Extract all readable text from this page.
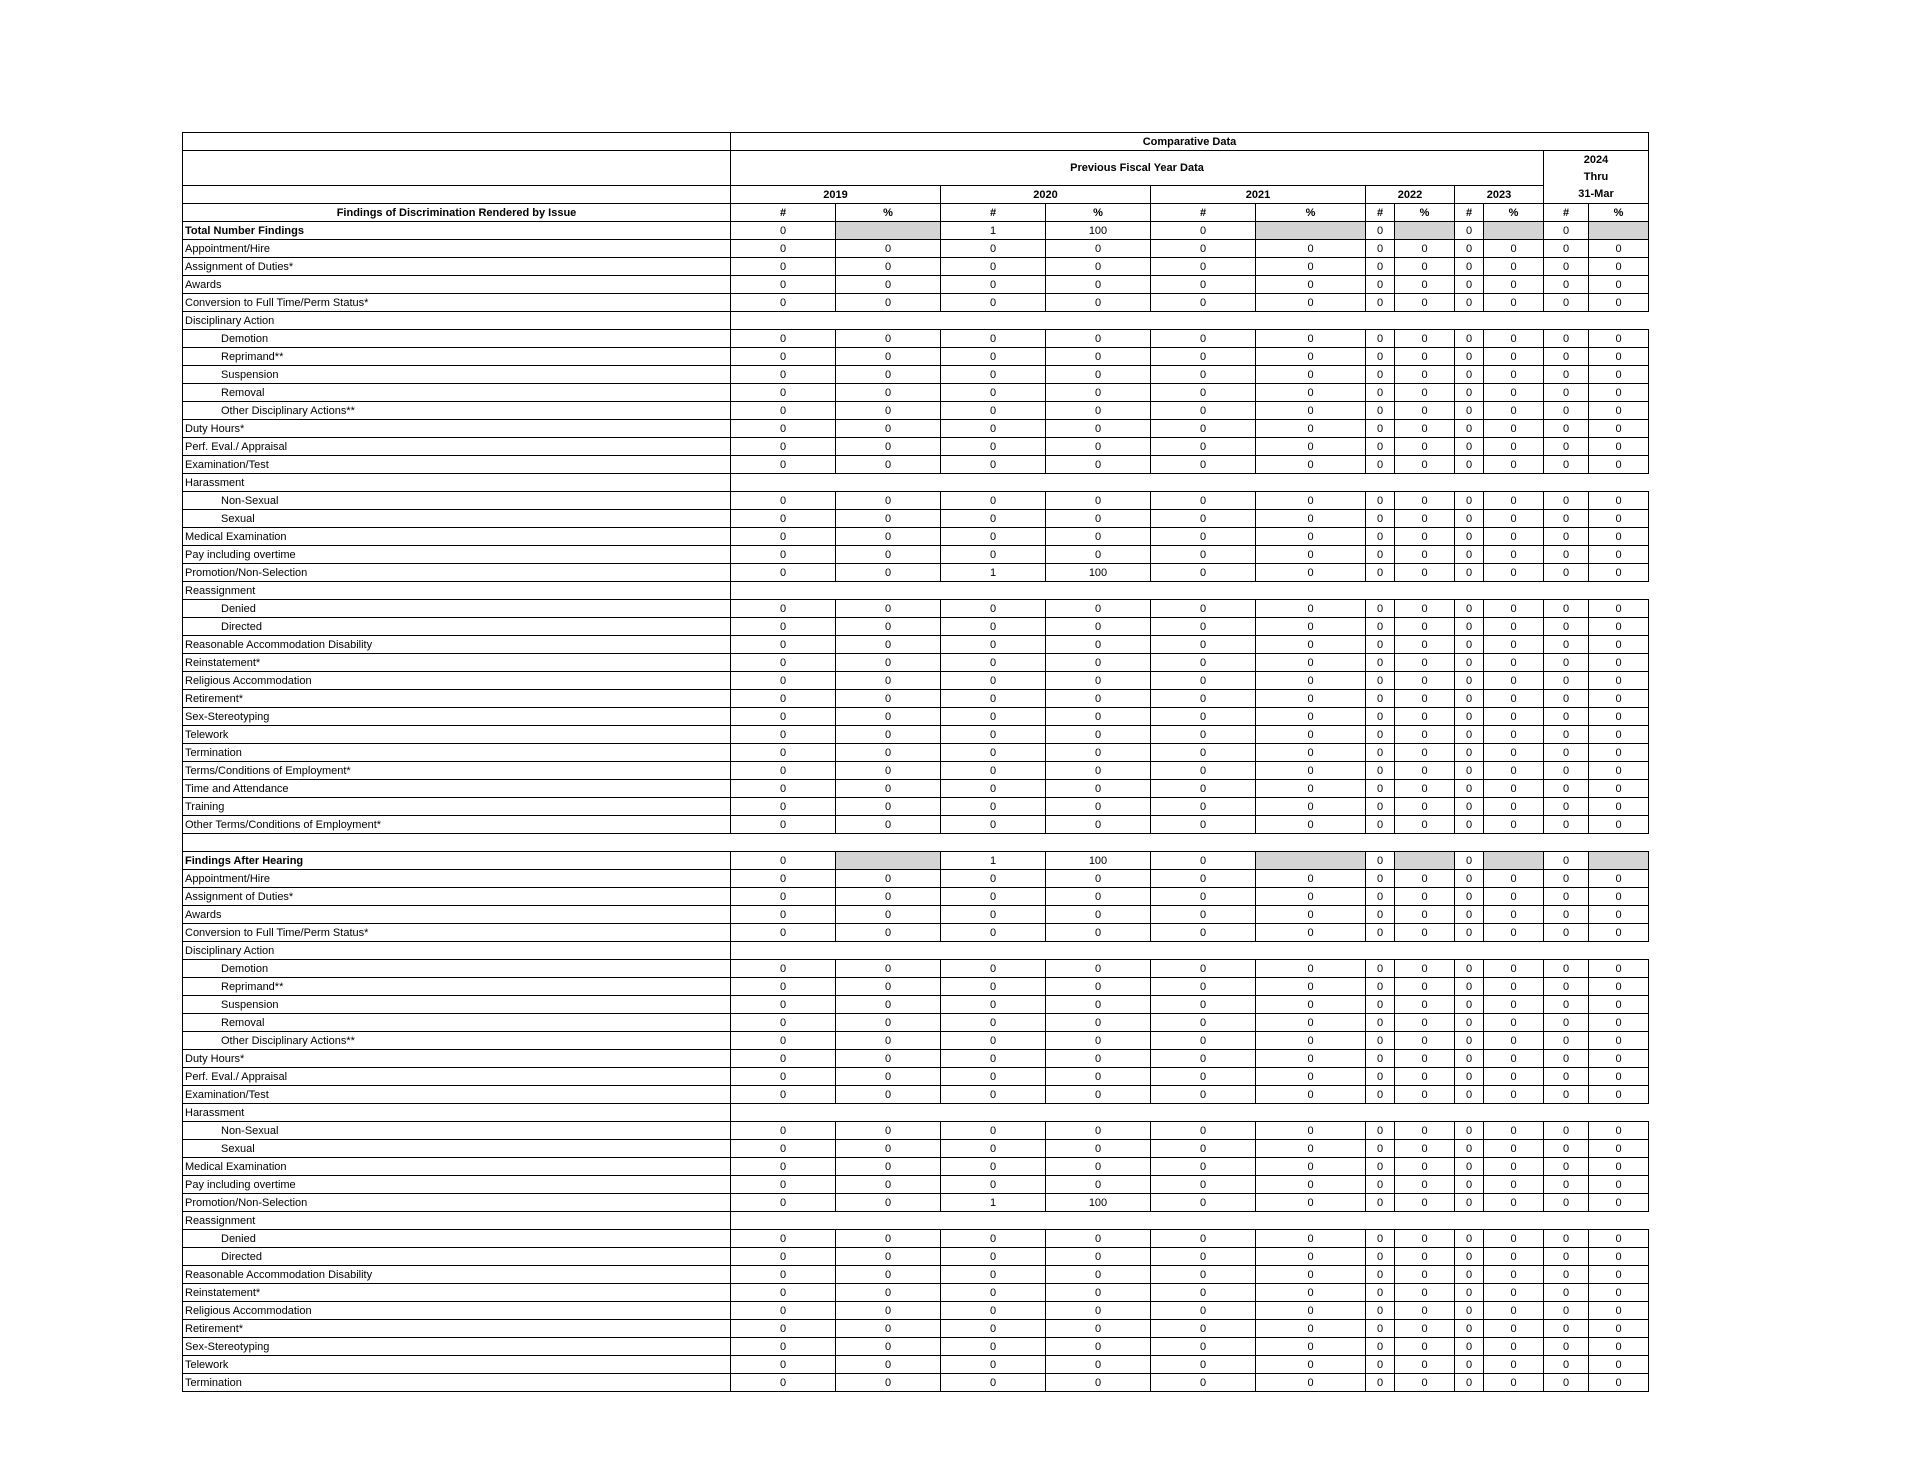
	Comparative Data											
	Previous Fiscal Year Data										2024
Thru
31-Mar	

	2019		2020		2021		2022		2023			
Findings of Discrimination Rendered by Issue	#	%	#	%	#	%	#	%	#	%	#	%
Total Number Findings	0		1	100	0		0		0		0	
Appointment/Hire	0	0	0	0	0	0	0	0	0	0	0	0
Assignment of Duties*	0	0	0	0	0	0	0	0	0	0	0	0
Awards	0	0	0	0	0	0	0	0	0	0	0	0
Conversion to Full Time/Perm Status*	0	0	0	0	0	0	0	0	0	0	0	0
Disciplinary Action												
Demotion	0	0	0	0	0	0	0	0	0	0	0	0
Reprimand**	0	0	0	0	0	0	0	0	0	0	0	0
Suspension	0	0	0	0	0	0	0	0	0	0	0	0
Removal	0	0	0	0	0	0	0	0	0	0	0	0
Other Disciplinary Actions**	0	0	0	0	0	0	0	0	0	0	0	0
Duty Hours*	0	0	0	0	0	0	0	0	0	0	0	0
Perf. Eval./ Appraisal	0	0	0	0	0	0	0	0	0	0	0	0
Examination/Test	0	0	0	0	0	0	0	0	0	0	0	0
Harassment												
Non-Sexual	0	0	0	0	0	0	0	0	0	0	0	0
Sexual	0	0	0	0	0	0	0	0	0	0	0	0
Medical Examination	0	0	0	0	0	0	0	0	0	0	0	0
Pay including overtime	0	0	0	0	0	0	0	0	0	0	0	0
Promotion/Non-Selection	0	0	1	100	0	0	0	0	0	0	0	0
Reassignment												
Denied	0	0	0	0	0	0	0	0	0	0	0	0
Directed	0	0	0	0	0	0	0	0	0	0	0	0
Reasonable Accommodation Disability	0	0	0	0	0	0	0	0	0	0	0	0
Reinstatement*	0	0	0	0	0	0	0	0	0	0	0	0
Religious Accommodation	0	0	0	0	0	0	0	0	0	0	0	0
Retirement*	0	0	0	0	0	0	0	0	0	0	0	0
Sex-Stereotyping	0	0	0	0	0	0	0	0	0	0	0	0
Telework	0	0	0	0	0	0	0	0	0	0	0	0
Termination	0	0	0	0	0	0	0	0	0	0	0	0
Terms/Conditions of Employment*	0	0	0	0	0	0	0	0	0	0	0	0
Time and Attendance	0	0	0	0	0	0	0	0	0	0	0	0
Training	0	0	0	0	0	0	0	0	0	0	0	0
Other Terms/Conditions of Employment*	0	0	0	0	0	0	0	0	0	0	0	0

Findings After Hearing	0		1	100	0		0		0		0	
Appointment/Hire	0	0	0	0	0	0	0	0	0	0	0	0
Assignment of Duties*	0	0	0	0	0	0	0	0	0	0	0	0
Awards	0	0	0	0	0	0	0	0	0	0	0	0
Conversion to Full Time/Perm Status*	0	0	0	0	0	0	0	0	0	0	0	0
Disciplinary Action												
Demotion	0	0	0	0	0	0	0	0	0	0	0	0
Reprimand**	0	0	0	0	0	0	0	0	0	0	0	0
Suspension	0	0	0	0	0	0	0	0	0	0	0	0
Removal	0	0	0	0	0	0	0	0	0	0	0	0
Other Disciplinary Actions**	0	0	0	0	0	0	0	0	0	0	0	0
Duty Hours*	0	0	0	0	0	0	0	0	0	0	0	0
Perf. Eval./ Appraisal	0	0	0	0	0	0	0	0	0	0	0	0
Examination/Test	0	0	0	0	0	0	0	0	0	0	0	0
Harassment												
Non-Sexual	0	0	0	0	0	0	0	0	0	0	0	0
Sexual	0	0	0	0	0	0	0	0	0	0	0	0
Medical Examination	0	0	0	0	0	0	0	0	0	0	0	0
Pay including overtime	0	0	0	0	0	0	0	0	0	0	0	0
Promotion/Non-Selection	0	0	1	100	0	0	0	0	0	0	0	0
Reassignment												
Denied	0	0	0	0	0	0	0	0	0	0	0	0
Directed	0	0	0	0	0	0	0	0	0	0	0	0
Reasonable Accommodation Disability	0	0	0	0	0	0	0	0	0	0	0	0
Reinstatement*	0	0	0	0	0	0	0	0	0	0	0	0
Religious Accommodation	0	0	0	0	0	0	0	0	0	0	0	0
Retirement*	0	0	0	0	0	0	0	0	0	0	0	0
Sex-Stereotyping	0	0	0	0	0	0	0	0	0	0	0	0
Telework	0	0	0	0	0	0	0	0	0	0	0	0
Termination	0	0	0	0	0	0	0	0	0	0	0	0
